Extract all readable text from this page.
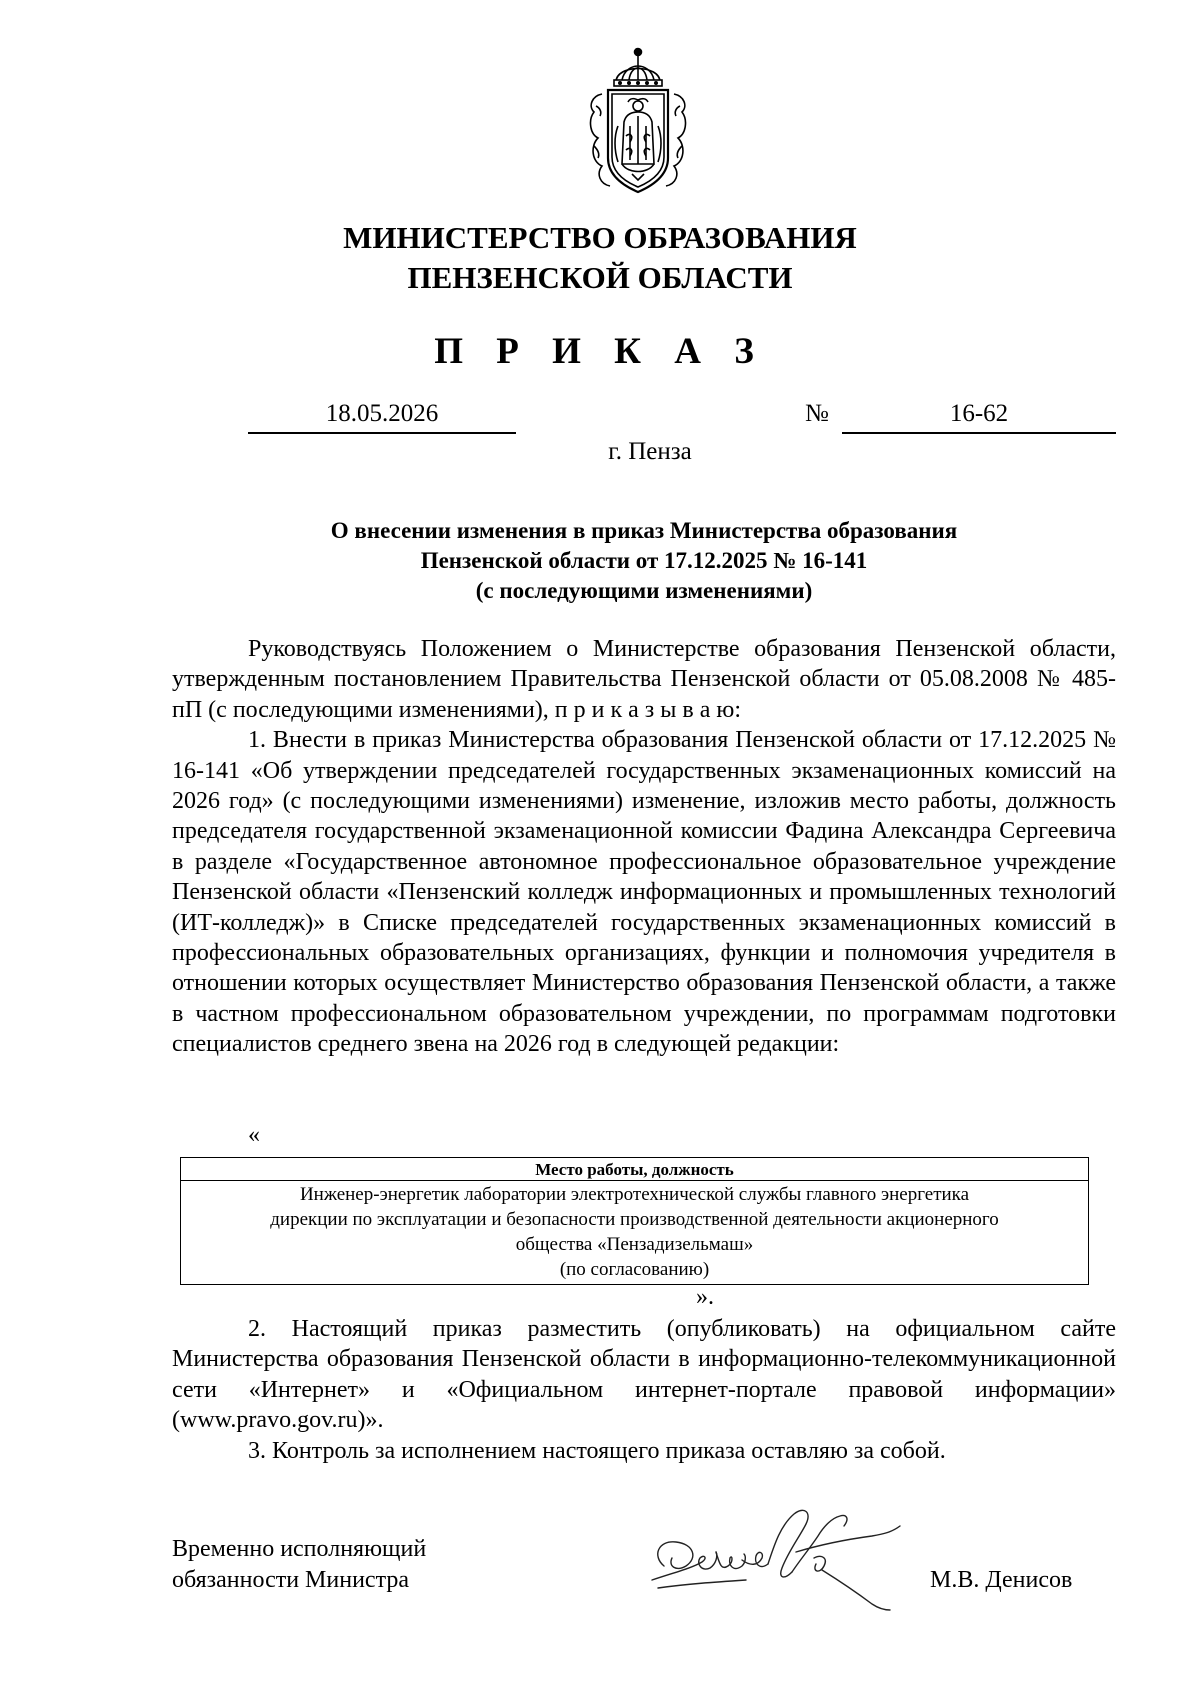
МИНИСТЕРСТВО ОБРАЗОВАНИЯ
ПЕНЗЕНСКОЙ ОБЛАСТИ
П Р И К А З
18.05.2026	№	16-62
г. Пенза
О внесении изменения в приказ Министерства образования
Пензенской области от 17.12.2025 № 16-141
(с последующими изменениями)

Руководствуясь Положением о Министерстве образования Пензенской области, утвержденным постановлением Правительства Пензенской области от 05.08.2008 № 485-пП (с последующими изменениями), п р и к а з ы в а ю:

1. Внести в приказ Министерства образования Пензенской области от 17.12.2025 № 16-141 «Об утверждении председателей государственных экзаменационных комиссий на 2026 год» (с последующими изменениями) изменение, изложив место работы, должность председателя государственной экзаменационной комиссии Фадина Александра Сергеевича в разделе «Государственное автономное профессиональное образовательное учреждение Пензенской области «Пензенский колледж информационных и промышленных технологий (ИТ-колледж)» в Списке председателей государственных экзаменационных комиссий в профессиональных образовательных организациях, функции и полномочия учредителя в отношении которых осуществляет Министерство образования Пензенской области, а также в частном профессиональном образовательном учреждении, по программам подготовки специалистов среднего звена на 2026 год в следующей редакции:

«
Место работы, должность

Инженер-энергетик лаборатории электротехнической службы главного энергетика
дирекции по эксплуатации и безопасности производственной деятельности акционерного
общества «Пензадизельмаш»
(по согласованию)
».

2. Настоящий приказ разместить (опубликовать) на официальном сайте Министерства образования Пензенской области в информационно-телекоммуникационной сети «Интернет» и «Официальном интернет-портале правовой информации» (www.pravo.gov.ru)».

3. Контроль за исполнением настоящего приказа оставляю за собой.

Временно исполняющий
обязанности Министра	М.В. Денисов
